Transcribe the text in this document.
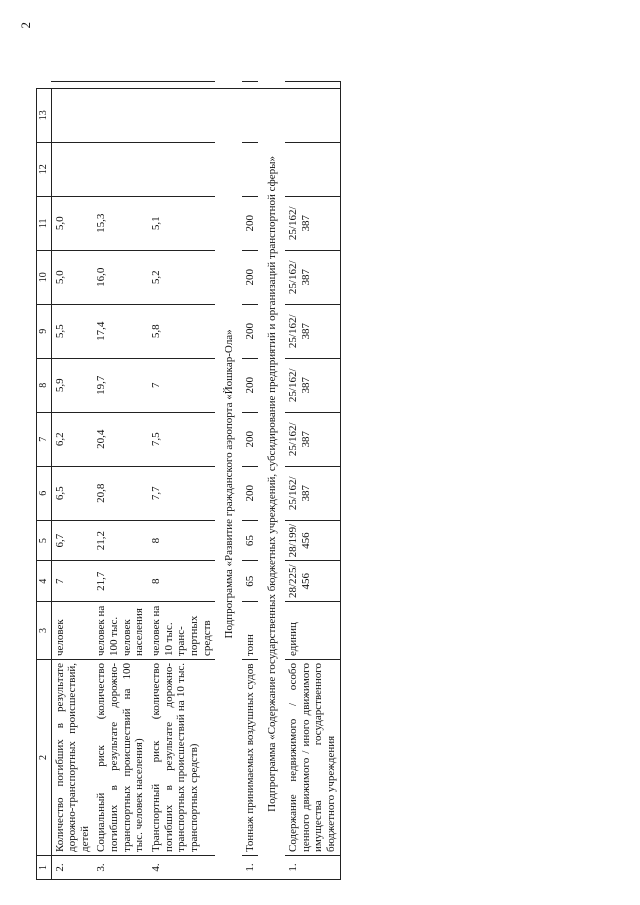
2
1	2	3	4	5	6	7	8	9	10	11	12	13	
2.	Количество погибших в результате дорожно-транспортных происшествий, детей	человек	7	6,7	6,5	6,2	5,9	5,5	5,0	5,0			
3.	Социальный риск (количество погибших в результате дорожно-транспортных происшествий на 100 тыс. человек населения)	человек на 100 тыс. человек населения	21,7	21,2	20,8	20,4	19,7	17,4	16,0	15,3			
4.	Транспортный риск (количество погибших в результате дорожно-транспортных происшествий на 10 тыс. транспортных средств)	человек на 10 тыс. транс-портных средств	8	8	7,7	7,5	7	5,8	5,2	5,1			
Подпрограмма «Развитие гражданского аэропорта «Йошкар-Ола»													
1.	Тоннаж принимаемых воздушных судов	тонн	65	65	200	200	200	200	200	200			
Подпрограмма «Содержание государственных бюджетных учреждений, субсидирование предприятий и организаций транспортной сферы»													
1.	Содержание недвижимого / особо ценного движимого / иного движимого имущества государственного бюджетного учреждения	единиц	28/225/ 456	28/199/ 456	25/162/ 387	25/162/ 387	25/162/ 387	25/162/ 387	25/162/ 387	25/162/ 387			
